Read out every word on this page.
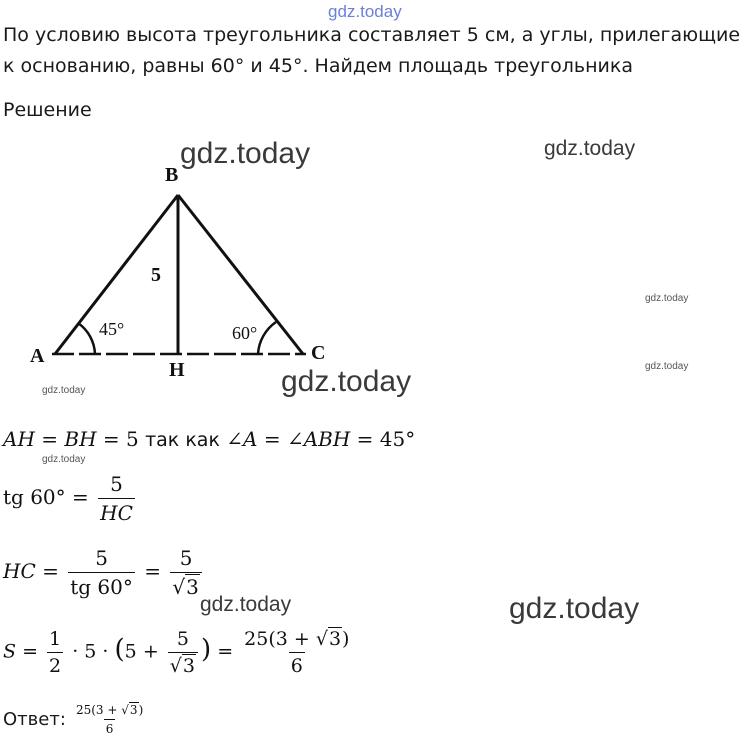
gdz.today
По условию высота треугольника составляет 5 см, а углы, прилегающие к основанию, равны 60° и 45°. Найдем площадь треугольника
Решение
B
A	C
H
5
45°	60°
gdz.today	gdz.today
gdz.today
gdz.today
gdz.today
gdz.today
gdz.today
gdz.today	gdz.today
AH = BH = 5 так как ∠A = ∠ABH = 45°
tg $60^\circ = \frac{5}{HC}$
HC = $\frac{5}{tg 60^\circ} = \frac{5}{√3}$
$S = \frac{1}{2} \cdot 5 \cdot (5 + \frac{5}{√3}$ ) = $\frac{25(3 + √3)}{6}$
Ответ: $\frac{25(3 + √3)}{6}$
